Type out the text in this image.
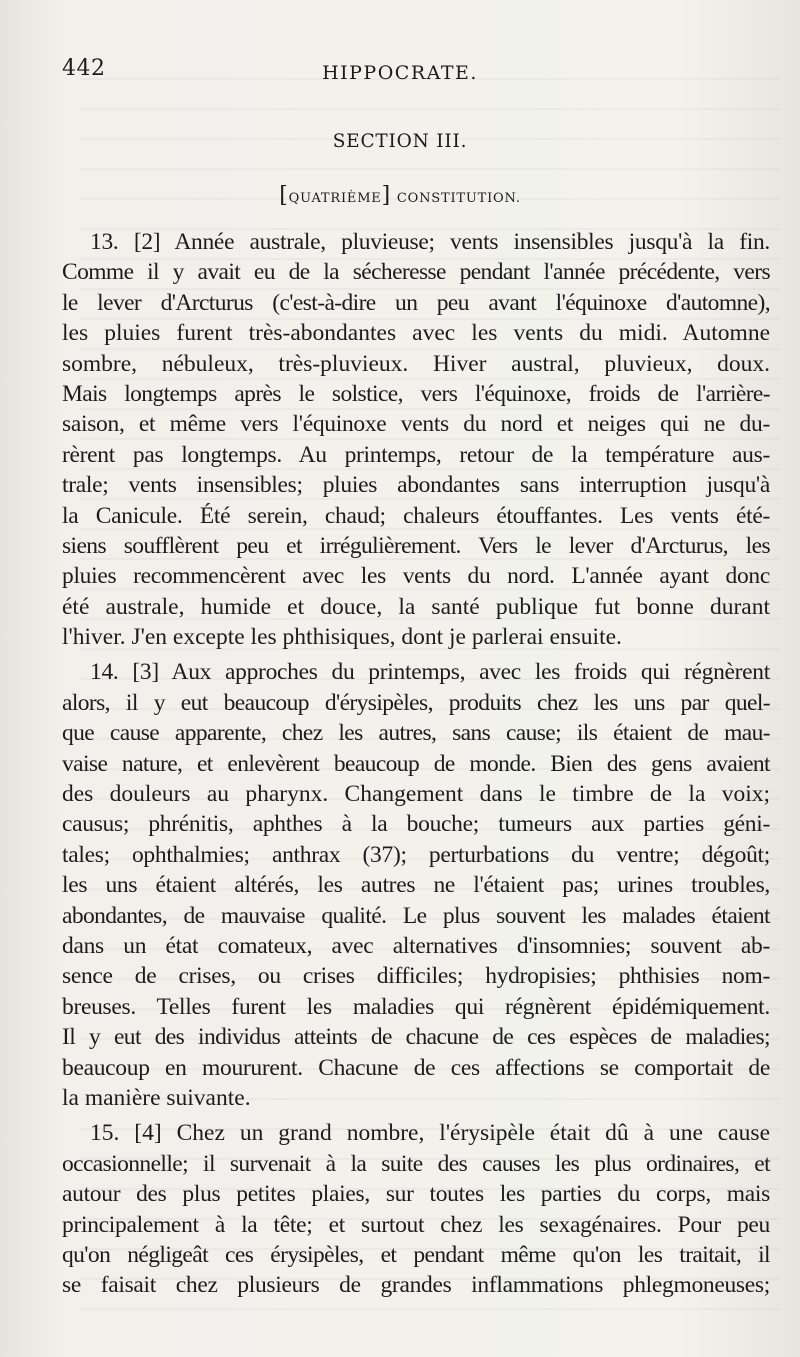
442	HIPPOCRATE.
SECTION III.
[QUATRIÈME] CONSTITUTION.
13. [2] Année australe, pluvieuse; vents insensibles jusqu'à la fin.
Comme il y avait eu de la sécheresse pendant l'année précédente, vers
le lever d'Arcturus (c'est-à-dire un peu avant l'équinoxe d'automne),
les pluies furent très-abondantes avec les vents du midi. Automne
sombre, nébuleux, très-pluvieux. Hiver austral, pluvieux, doux.
Mais longtemps après le solstice, vers l'équinoxe, froids de l'arrière-
saison, et même vers l'équinoxe vents du nord et neiges qui ne du-
rèrent pas longtemps. Au printemps, retour de la température aus-
trale; vents insensibles; pluies abondantes sans interruption jusqu'à
la Canicule. Été serein, chaud; chaleurs étouffantes. Les vents été-
siens soufflèrent peu et irrégulièrement. Vers le lever d'Arcturus, les
pluies recommencèrent avec les vents du nord. L'année ayant donc
été australe, humide et douce, la santé publique fut bonne durant
l'hiver. J'en excepte les phthisiques, dont je parlerai ensuite.
14. [3] Aux approches du printemps, avec les froids qui régnèrent
alors, il y eut beaucoup d'érysipèles, produits chez les uns par quel-
que cause apparente, chez les autres, sans cause; ils étaient de mau-
vaise nature, et enlevèrent beaucoup de monde. Bien des gens avaient
des douleurs au pharynx. Changement dans le timbre de la voix;
causus; phrénitis, aphthes à la bouche; tumeurs aux parties géni-
tales; ophthalmies; anthrax (37); perturbations du ventre; dégoût;
les uns étaient altérés, les autres ne l'étaient pas; urines troubles,
abondantes, de mauvaise qualité. Le plus souvent les malades étaient
dans un état comateux, avec alternatives d'insomnies; souvent ab-
sence de crises, ou crises difficiles; hydropisies; phthisies nom-
breuses. Telles furent les maladies qui régnèrent épidémiquement.
Il y eut des individus atteints de chacune de ces espèces de maladies;
beaucoup en moururent. Chacune de ces affections se comportait de
la manière suivante.
15. [4] Chez un grand nombre, l'érysipèle était dû à une cause
occasionnelle; il survenait à la suite des causes les plus ordinaires, et
autour des plus petites plaies, sur toutes les parties du corps, mais
principalement à la tête; et surtout chez les sexagénaires. Pour peu
qu'on négligeât ces érysipèles, et pendant même qu'on les traitait, il
se faisait chez plusieurs de grandes inflammations phlegmoneuses;
